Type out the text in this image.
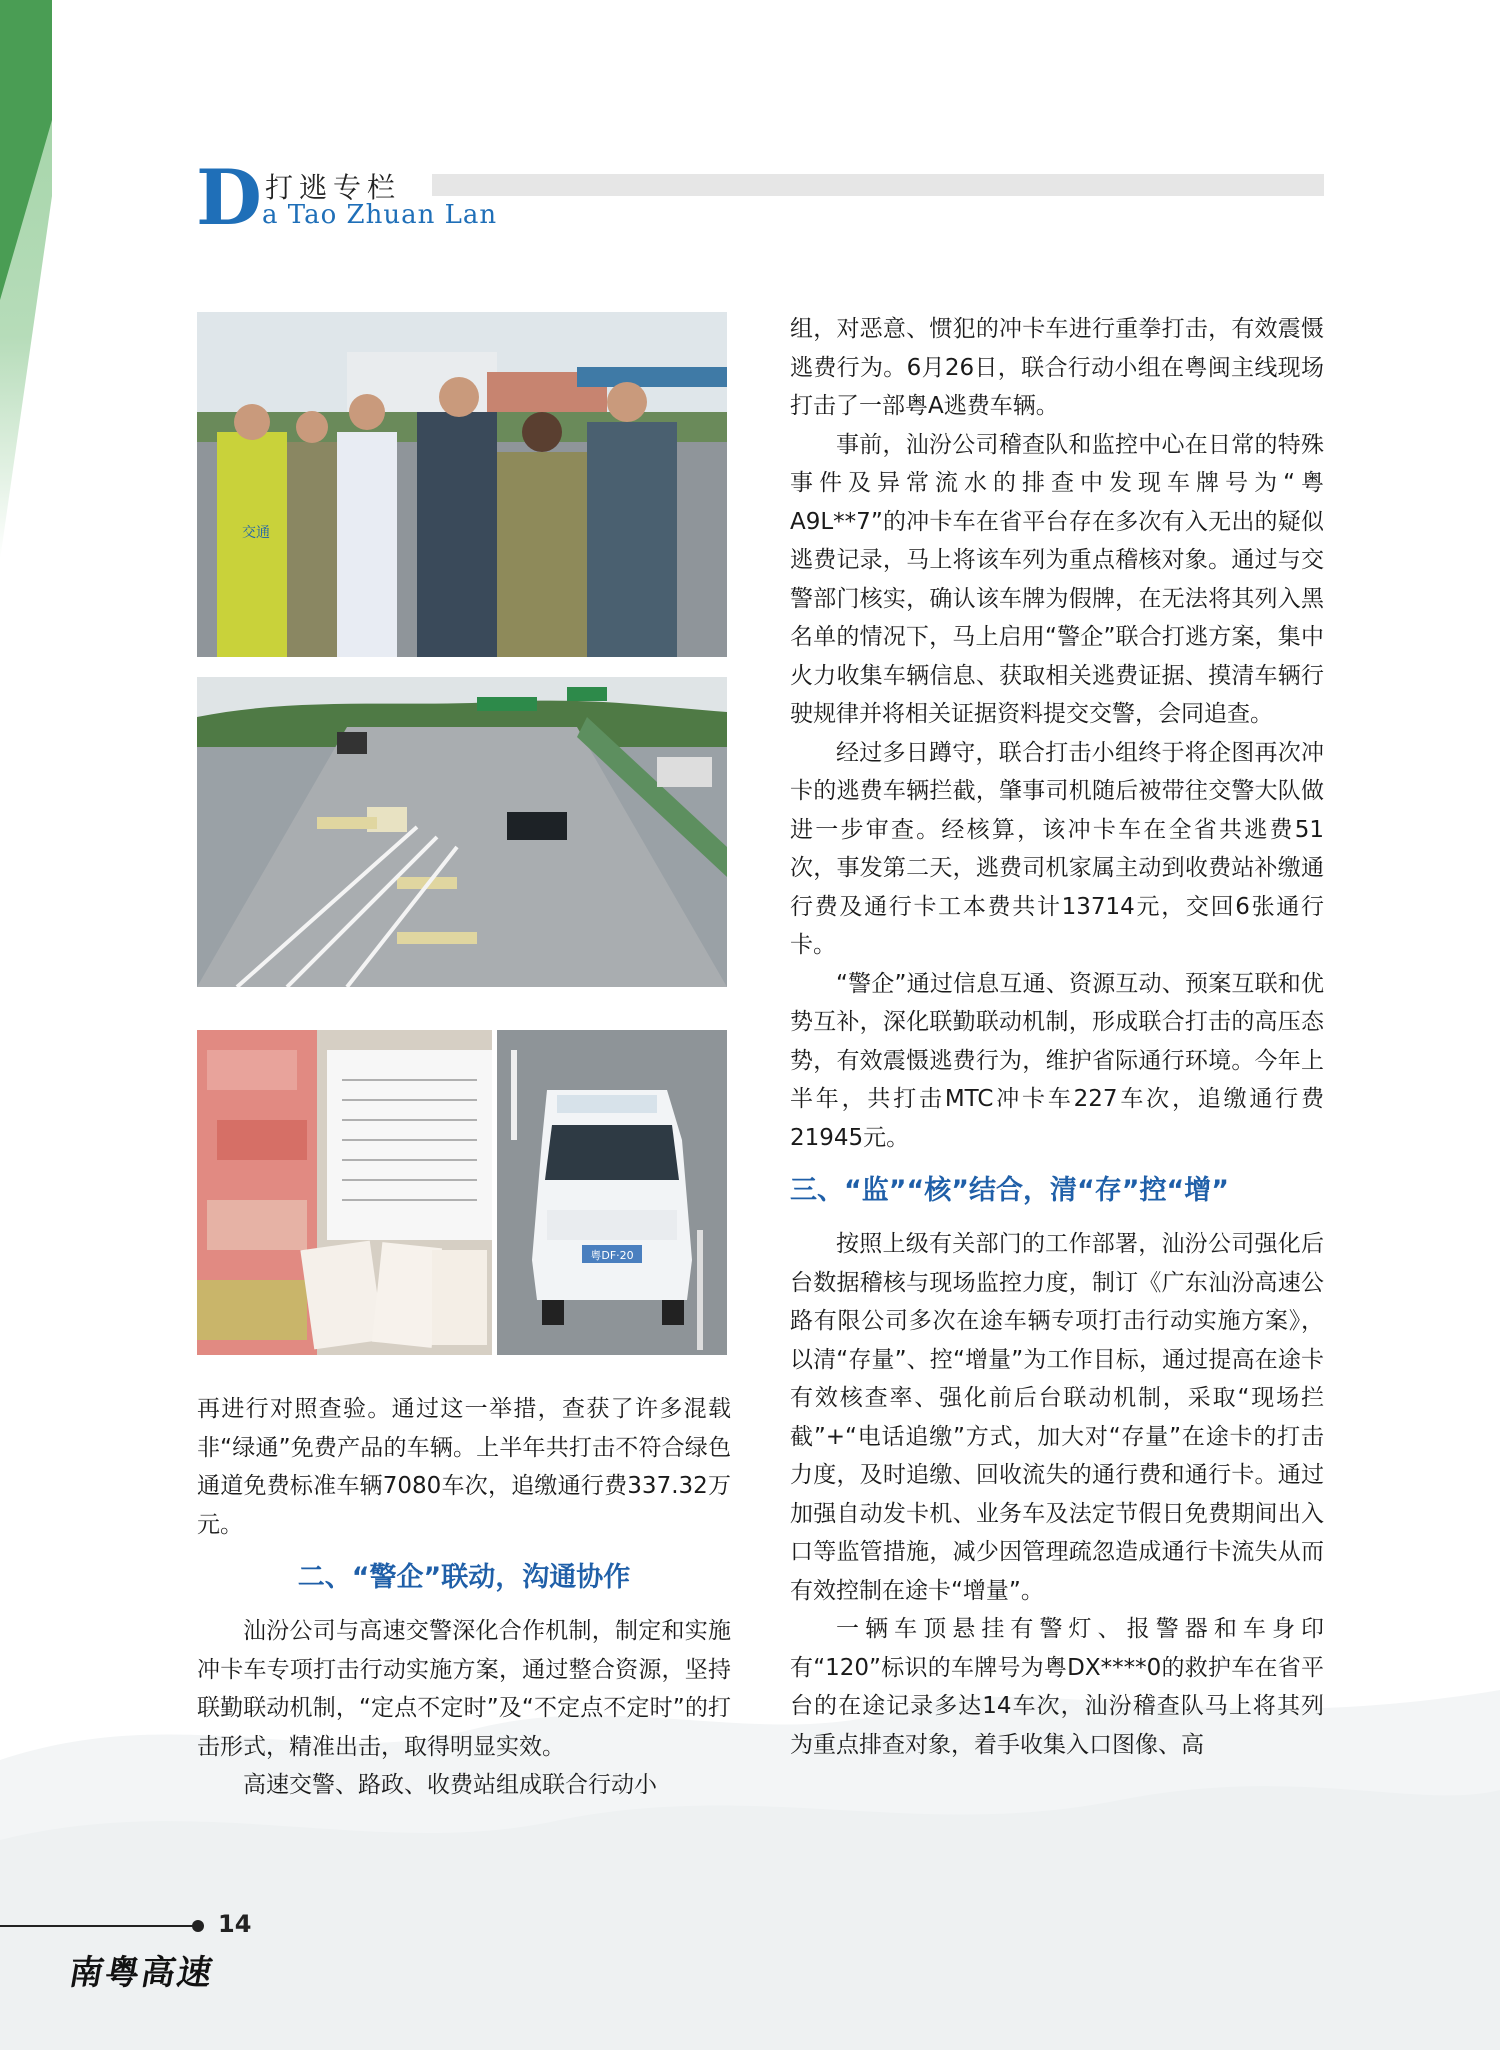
D 打逃专栏
a Tao Zhuan Lan
交通
粤DF·20

再进行对照查验。通过这一举措，查获了许多混载非“绿通”免费产品的车辆。上半年共打击不符合绿色通道免费标准车辆7080车次，追缴通行费337.32万元。

二、“警企”联动，沟通协作

汕汾公司与高速交警深化合作机制，制定和实施冲卡车专项打击行动实施方案，通过整合资源，坚持联勤联动机制，“定点不定时”及“不定点不定时”的打击形式，精准出击，取得明显实效。

高速交警、路政、收费站组成联合行动小

组，对恶意、惯犯的冲卡车进行重拳打击，有效震慑逃费行为。6月26日，联合行动小组在粤闽主线现场打击了一部粤A逃费车辆。

事前，汕汾公司稽查队和监控中心在日常的特殊事件及异常流水的排查中发现车牌号为“粤A9L**7”的冲卡车在省平台存在多次有入无出的疑似逃费记录，马上将该车列为重点稽核对象。通过与交警部门核实，确认该车牌为假牌，在无法将其列入黑名单的情况下，马上启用“警企”联合打逃方案，集中火力收集车辆信息、获取相关逃费证据、摸清车辆行驶规律并将相关证据资料提交交警，会同追查。

经过多日蹲守，联合打击小组终于将企图再次冲卡的逃费车辆拦截，肇事司机随后被带往交警大队做进一步审查。经核算，该冲卡车在全省共逃费51次，事发第二天，逃费司机家属主动到收费站补缴通行费及通行卡工本费共计13714元，交回6张通行卡。

“警企”通过信息互通、资源互动、预案互联和优势互补，深化联勤联动机制，形成联合打击的高压态势，有效震慑逃费行为，维护省际通行环境。今年上半年，共打击MTC冲卡车227车次，追缴通行费21945元。

三、“监”“核”结合，清“存”控“增”

按照上级有关部门的工作部署，汕汾公司强化后台数据稽核与现场监控力度，制订《广东汕汾高速公路有限公司多次在途车辆专项打击行动实施方案》，以清“存量”、控“增量”为工作目标，通过提高在途卡有效核查率、强化前后台联动机制，采取“现场拦截”+“电话追缴”方式，加大对“存量”在途卡的打击力度，及时追缴、回收流失的通行费和通行卡。通过加强自动发卡机、业务车及法定节假日免费期间出入口等监管措施，减少因管理疏忽造成通行卡流失从而有效控制在途卡“增量”。

一辆车顶悬挂有警灯、报警器和车身印有“120”标识的车牌号为粤DX****0的救护车在省平台的在途记录多达14车次，汕汾稽查队马上将其列为重点排查对象，着手收集入口图像、高

14
南粤高速
